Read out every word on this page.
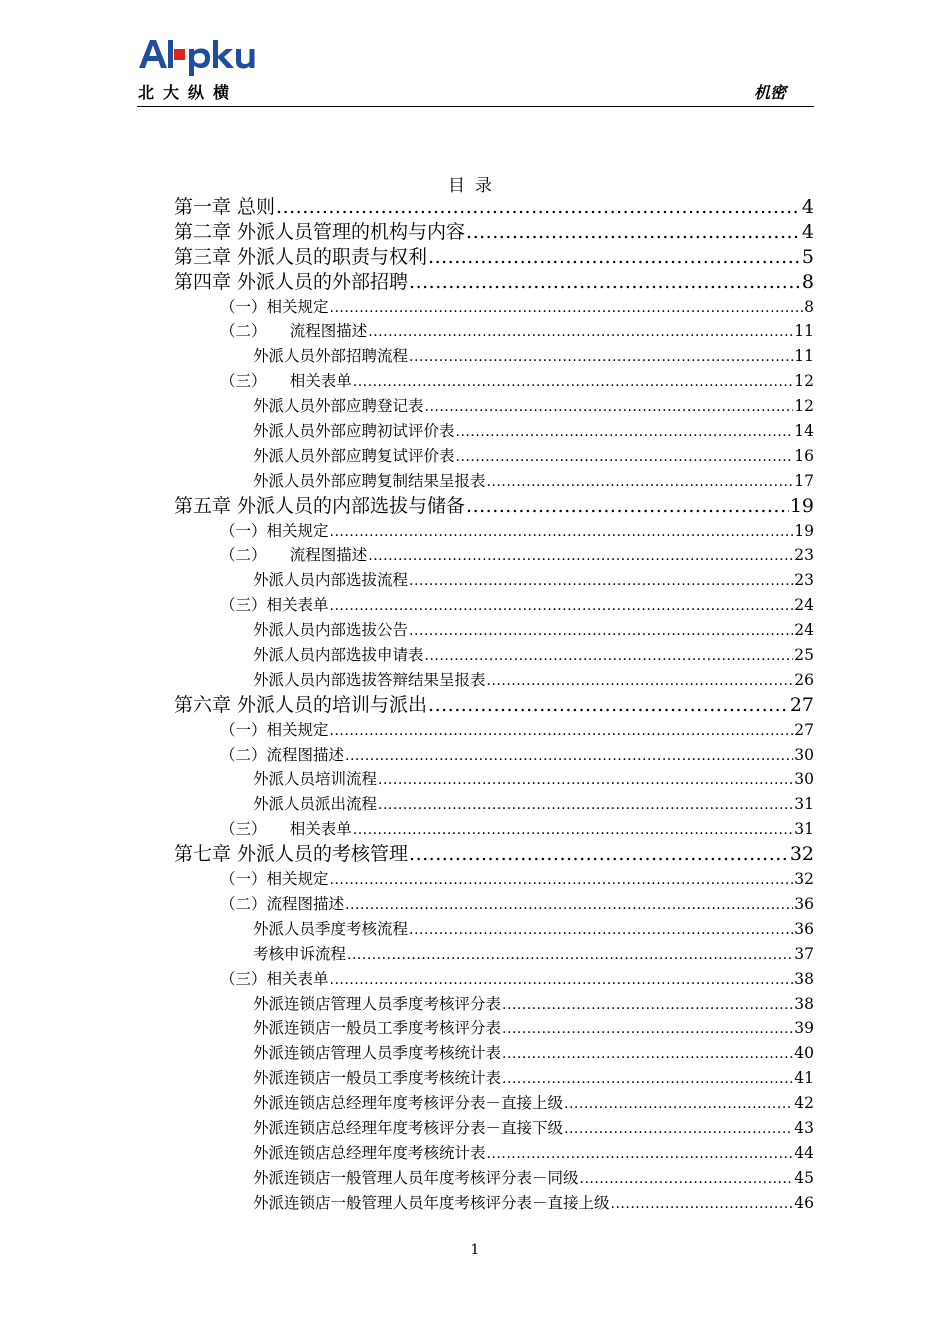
北大纵横	机密
目录
第一章 总则 .....	4
第二章 外派人员管理的机构与内容 .....	4
第三章 外派人员的职责与权利 .....	5
第四章 外派人员的外部招聘 .....	8
（一）相关规定 .....	8
（二）　　流程图描述 .....	11
外派人员外部招聘流程 .....	11
（三）　　相关表单 .....	12
外派人员外部应聘登记表 .....	12
外派人员外部应聘初试评价表 .....	14
外派人员外部应聘复试评价表 .....	16
外派人员外部应聘复制结果呈报表 .....	17
第五章 外派人员的内部选拔与储备 .....	19
（一）相关规定 .....	19
（二）　　流程图描述 .....	23
外派人员内部选拔流程 .....	23
（三）相关表单 .....	24
外派人员内部选拔公告 .....	24
外派人员内部选拔申请表 .....	25
外派人员内部选拔答辩结果呈报表 .....	26
第六章 外派人员的培训与派出 .....	27
（一）相关规定 .....	27
（二）流程图描述 .....	30
外派人员培训流程 .....	30
外派人员派出流程 .....	31
（三）　　相关表单 .....	31
第七章 外派人员的考核管理 .....	32
（一）相关规定 .....	32
（二）流程图描述 .....	36
外派人员季度考核流程 .....	36
考核申诉流程 .....	37
（三）相关表单 .....	38
外派连锁店管理人员季度考核评分表 .....	38
外派连锁店一般员工季度考核评分表 .....	39
外派连锁店管理人员季度考核统计表 .....	40
外派连锁店一般员工季度考核统计表 .....	41
外派连锁店总经理年度考核评分表－直接上级 .....	42
外派连锁店总经理年度考核评分表－直接下级 .....	43
外派连锁店总经理年度考核统计表 .....	44
外派连锁店一般管理人员年度考核评分表－同级 .....	45
外派连锁店一般管理人员年度考核评分表－直接上级 .....	46
1
